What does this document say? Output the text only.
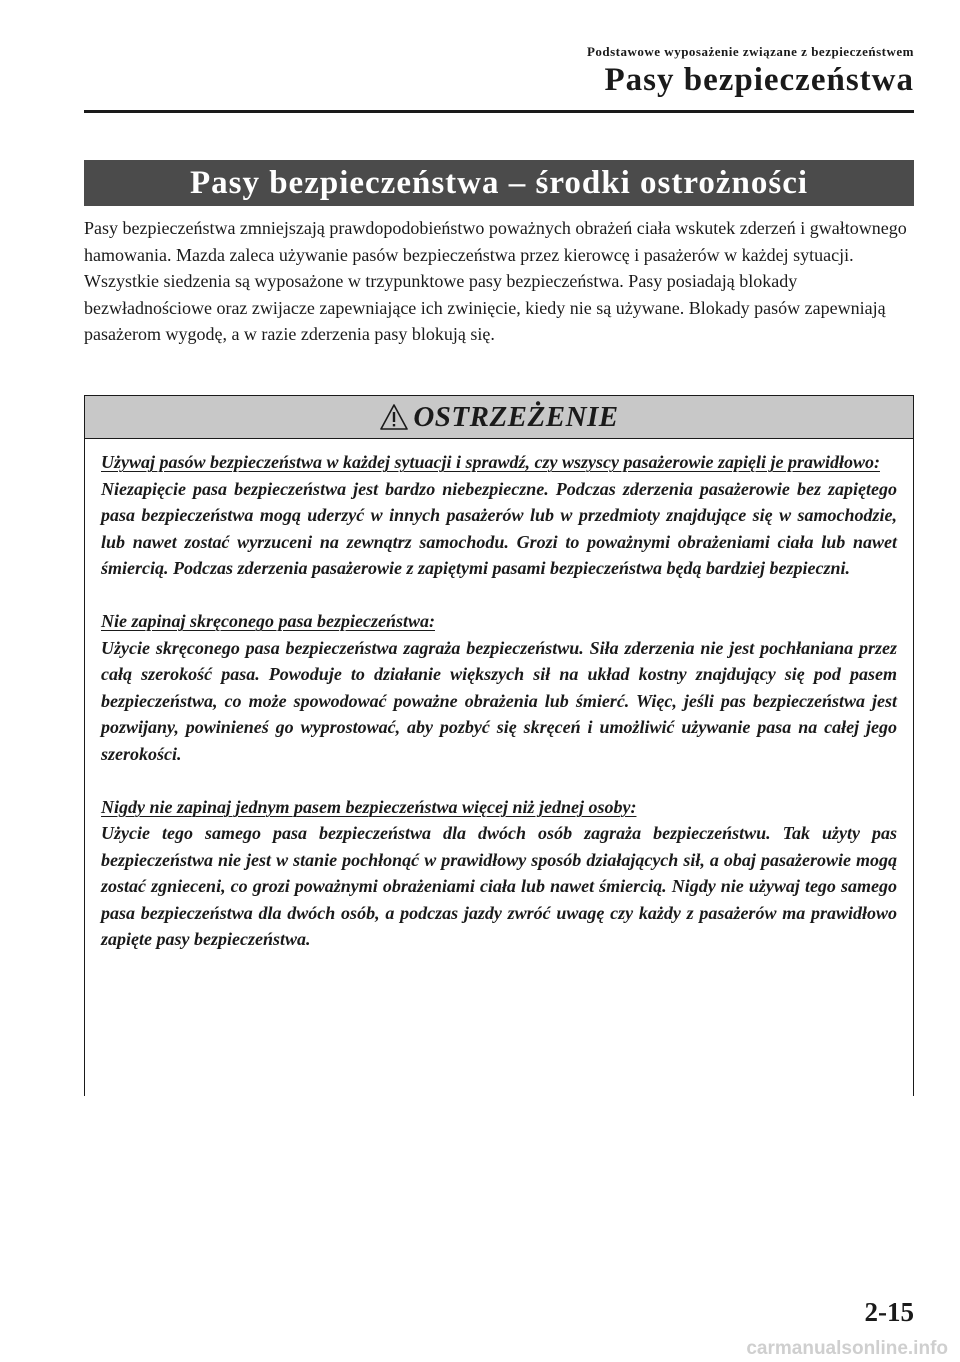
Podstawowe wyposażenie związane z bezpieczeństwem
Pasy bezpieczeństwa
Pasy bezpieczeństwa – środki ostrożności

Pasy bezpieczeństwa zmniejszają prawdopodobieństwo poważnych obrażeń ciała wskutek zderzeń i gwałtownego hamowania. Mazda zaleca używanie pasów bezpieczeństwa przez kierowcę i pasażerów w każdej sytuacji.

Wszystkie siedzenia są wyposażone w trzypunktowe pasy bezpieczeństwa. Pasy posiadają blokady bezwładnościowe oraz zwijacze zapewniające ich zwinięcie, kiedy nie są używane. Blokady pasów zapewniają pasażerom wygodę, a w razie zderzenia pasy blokują się.

OSTRZEŻENIE
Używaj pasów bezpieczeństwa w każdej sytuacji i sprawdź, czy wszyscy pasażerowie zapięli je prawidłowo:

Niezapięcie pasa bezpieczeństwa jest bardzo niebezpieczne. Podczas zderzenia pasażerowie bez zapiętego pasa bezpieczeństwa mogą uderzyć w innych pasażerów lub w przedmioty znajdujące się w samochodzie, lub nawet zostać wyrzuceni na zewnątrz samochodu. Grozi to poważnymi obrażeniami ciała lub nawet śmiercią. Podczas zderzenia pasażerowie z zapiętymi pasami bezpieczeństwa będą bardziej bezpieczni.

Nie zapinaj skręconego pasa bezpieczeństwa:

Użycie skręconego pasa bezpieczeństwa zagraża bezpieczeństwu. Siła zderzenia nie jest pochłaniana przez całą szerokość pasa. Powoduje to działanie większych sił na układ kostny znajdujący się pod pasem bezpieczeństwa, co może spowodować poważne obrażenia lub śmierć. Więc, jeśli pas bezpieczeństwa jest pozwijany, powinieneś go wyprostować, aby pozbyć się skręceń i umożliwić używanie pasa na całej jego szerokości.

Nigdy nie zapinaj jednym pasem bezpieczeństwa więcej niż jednej osoby:

Użycie tego samego pasa bezpieczeństwa dla dwóch osób zagraża bezpieczeństwu. Tak użyty pas bezpieczeństwa nie jest w stanie pochłonąć w prawidłowy sposób działających sił, a obaj pasażerowie mogą zostać zgnieceni, co grozi poważnymi obrażeniami ciała lub nawet śmiercią. Nigdy nie używaj tego samego pasa bezpieczeństwa dla dwóch osób, a podczas jazdy zwróć uwagę czy każdy z pasażerów ma prawidłowo zapięte pasy bezpieczeństwa.

2-15
carmanualsonline.info
